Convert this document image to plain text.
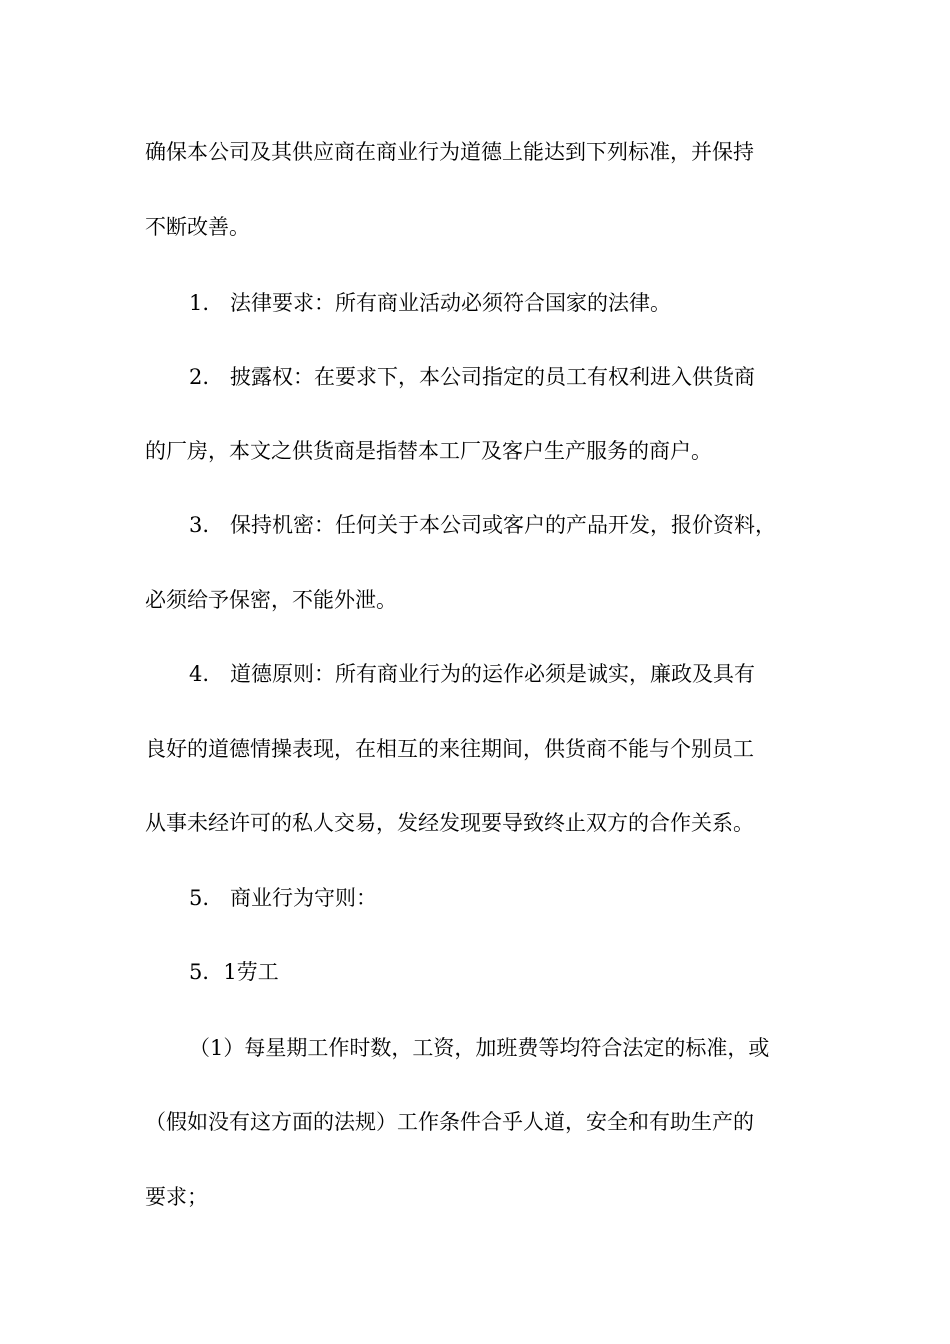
确保本公司及其供应商在商业行为道德上能达到下列标准，并保持
不断改善。
1.　法律要求：所有商业活动必须符合国家的法律。
2.　披露权：在要求下，本公司指定的员工有权利进入供货商
的厂房，本文之供货商是指替本工厂及客户生产服务的商户。
3.　保持机密：任何关于本公司或客户的产品开发，报价资料，
必须给予保密，不能外泄。
4.　道德原则：所有商业行为的运作必须是诚实，廉政及具有
良好的道德情操表现，在相互的来往期间，供货商不能与个别员工
从事未经许可的私人交易，发经发现要导致终止双方的合作关系。
5.　商业行为守则：
5．1劳工
（1）每星期工作时数，工资，加班费等均符合法定的标准，或
（假如没有这方面的法规）工作条件合乎人道，安全和有助生产的
要求；
